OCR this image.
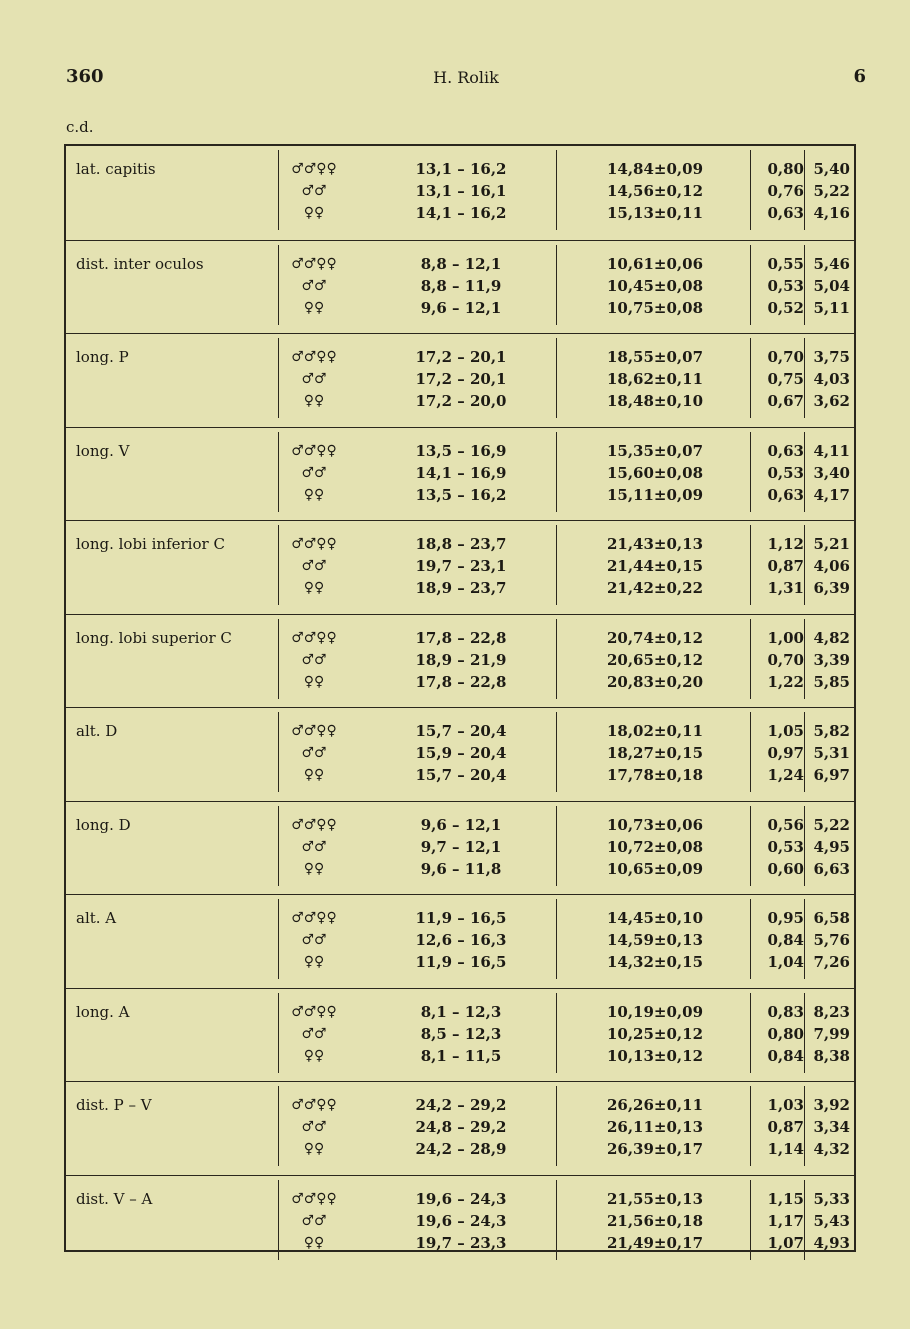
360	H. Rolik	6
c.d.
lat. capitis	♂♂♀♀	13,1 – 16,2	14,84±0,09	0,80 5,40
♂♂	13,1 – 16,1	14,56±0,12	0,76 5,22
♀♀	14,1 – 16,2	15,13±0,11	0,63 4,16
dist. inter oculos	♂♂♀♀	8,8 – 12,1	10,61±0,06	0,55 5,46
♂♂	8,8 – 11,9	10,45±0,08	0,53 5,04
♀♀	9,6 – 12,1	10,75±0,08	0,52 5,11
long. P	♂♂♀♀	17,2 – 20,1	18,55±0,07	0,70 3,75
♂♂	17,2 – 20,1	18,62±0,11	0,75 4,03
♀♀	17,2 – 20,0	18,48±0,10	0,67 3,62
long. V	♂♂♀♀	13,5 – 16,9	15,35±0,07	0,63 4,11
♂♂	14,1 – 16,9	15,60±0,08	0,53 3,40
♀♀	13,5 – 16,2	15,11±0,09	0,63 4,17
long. lobi inferior C	♂♂♀♀	18,8 – 23,7	21,43±0,13	1,12 5,21
♂♂	19,7 – 23,1	21,44±0,15	0,87 4,06
♀♀	18,9 – 23,7	21,42±0,22	1,31 6,39
long. lobi superior C	♂♂♀♀	17,8 – 22,8	20,74±0,12	1,00 4,82
♂♂	18,9 – 21,9	20,65±0,12	0,70 3,39
♀♀	17,8 – 22,8	20,83±0,20	1,22 5,85
alt. D	♂♂♀♀	15,7 – 20,4	18,02±0,11	1,05 5,82
♂♂	15,9 – 20,4	18,27±0,15	0,97 5,31
♀♀	15,7 – 20,4	17,78±0,18	1,24 6,97
long. D	♂♂♀♀	9,6 – 12,1	10,73±0,06	0,56 5,22
♂♂	9,7 – 12,1	10,72±0,08	0,53 4,95
♀♀	9,6 – 11,8	10,65±0,09	0,60 6,63
alt. A	♂♂♀♀	11,9 – 16,5	14,45±0,10	0,95 6,58
♂♂	12,6 – 16,3	14,59±0,13	0,84 5,76
♀♀	11,9 – 16,5	14,32±0,15	1,04 7,26
long. A	♂♂♀♀	8,1 – 12,3	10,19±0,09	0,83 8,23
♂♂	8,5 – 12,3	10,25±0,12	0,80 7,99
♀♀	8,1 – 11,5	10,13±0,12	0,84 8,38
dist. P – V	♂♂♀♀	24,2 – 29,2	26,26±0,11	1,03 3,92
♂♂	24,8 – 29,2	26,11±0,13	0,87 3,34
♀♀	24,2 – 28,9	26,39±0,17	1,14 4,32
dist. V – A	♂♂♀♀	19,6 – 24,3	21,55±0,13	1,15 5,33
♂♂	19,6 – 24,3	21,56±0,18	1,17 5,43
♀♀	19,7 – 23,3	21,49±0,17	1,07 4,93
